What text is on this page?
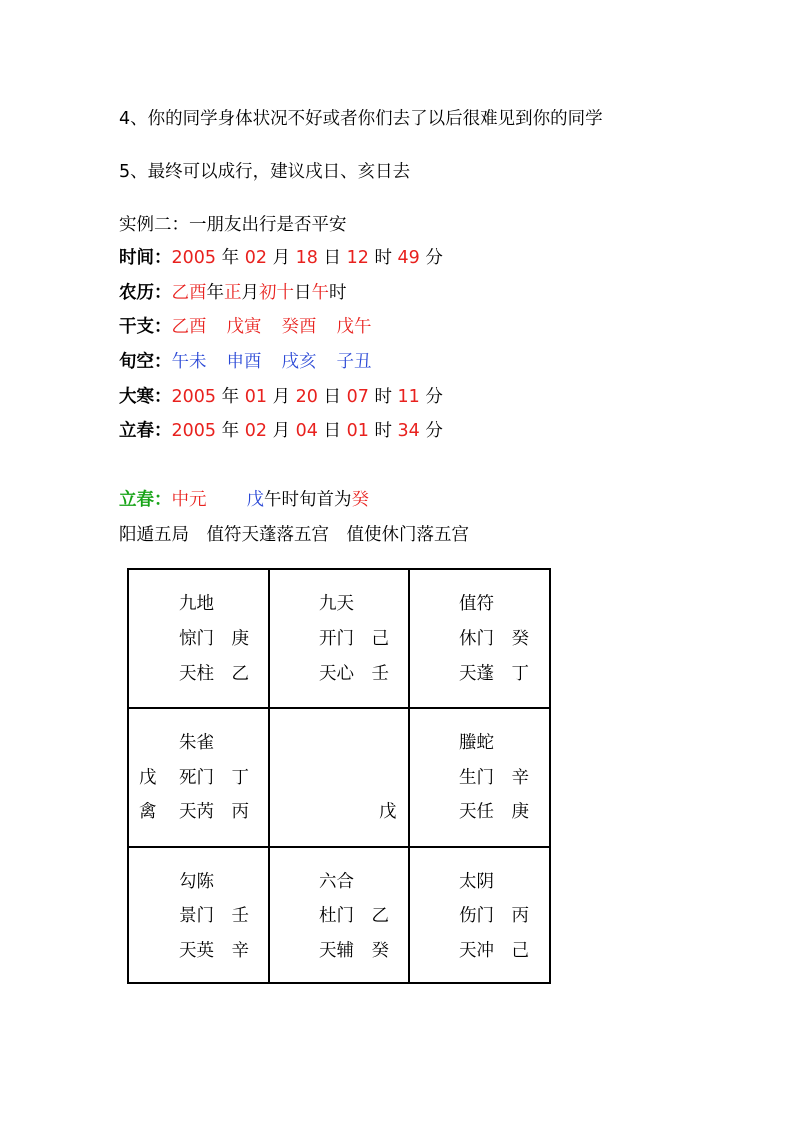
4、你的同学身体状况不好或者你们去了以后很难见到你的同学
5、最终可以成行，建议戌日、亥日去
实例二：一朋友出行是否平安
时间：2005 年 02 月 18 日 12 时 49 分
农历：乙酉年正月初十日午时
干支：乙酉 戊寅 癸酉 戊午
旬空：午未 申酉 戌亥 子丑
大寒：2005 年 01 月 20 日 07 时 11 分
立春：2005 年 02 月 04 日 01 时 34 分
立春：中元 戊午时旬首为癸
阳遁五局　值符天蓬落五宫　值使休门落五宫
九地
惊门　庚
天柱　乙
九天
开门　己
天心　壬
值符
休门　癸
天蓬　丁
朱雀
戊 死门　丁
禽 天芮　丙	戊
螣蛇
生门　辛
天任　庚
勾陈
景门　壬
天英　辛
六合
杜门　乙
天辅　癸
太阴
伤门　丙
天冲　己
